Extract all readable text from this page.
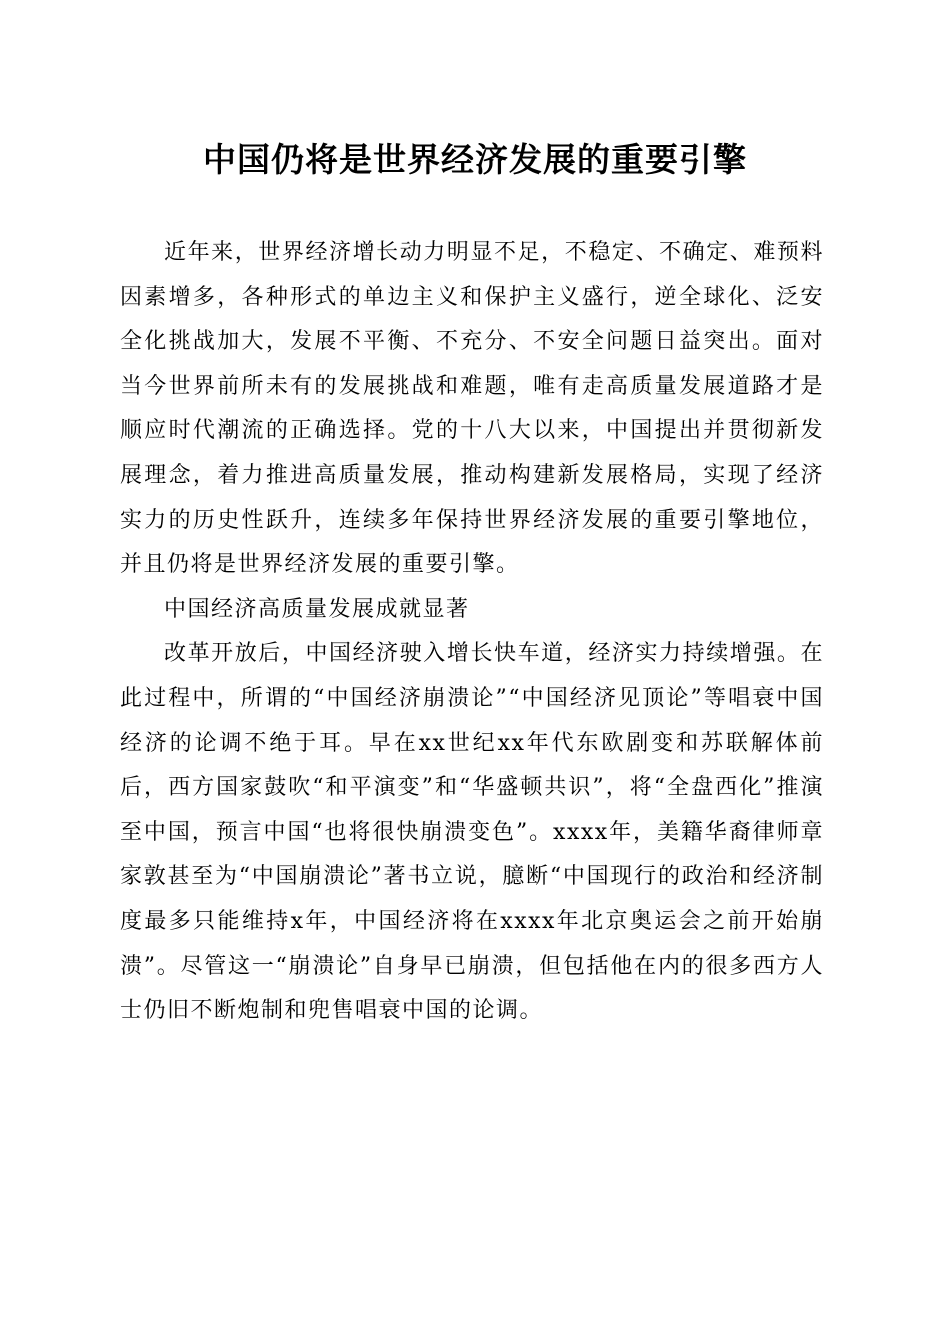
中国仍将是世界经济发展的重要引擎

近年来，世界经济增长动力明显不足，不稳定、不确定、难预料因素增多，各种形式的单边主义和保护主义盛行，逆全球化、泛安全化挑战加大，发展不平衡、不充分、不安全问题日益突出。面对当今世界前所未有的发展挑战和难题，唯有走高质量发展道路才是顺应时代潮流的正确选择。党的十八大以来，中国提出并贯彻新发展理念，着力推进高质量发展，推动构建新发展格局，实现了经济实力的历史性跃升，连续多年保持世界经济发展的重要引擎地位，并且仍将是世界经济发展的重要引擎。

中国经济高质量发展成就显著

改革开放后，中国经济驶入增长快车道，经济实力持续增强。在此过程中，所谓的“中国经济崩溃论”“中国经济见顶论”等唱衰中国经济的论调不绝于耳。早在xx世纪xx年代东欧剧变和苏联解体前后，西方国家鼓吹“和平演变”和“华盛顿共识”，将“全盘西化”推演至中国，预言中国“也将很快崩溃变色”。xxxx年，美籍华裔律师章家敦甚至为“中国崩溃论”著书立说，臆断“中国现行的政治和经济制度最多只能维持x年，中国经济将在xxxx年北京奥运会之前开始崩溃”。尽管这一“崩溃论”自身早已崩溃，但包括他在内的很多西方人士仍旧不断炮制和兜售唱衰中国的论调。
